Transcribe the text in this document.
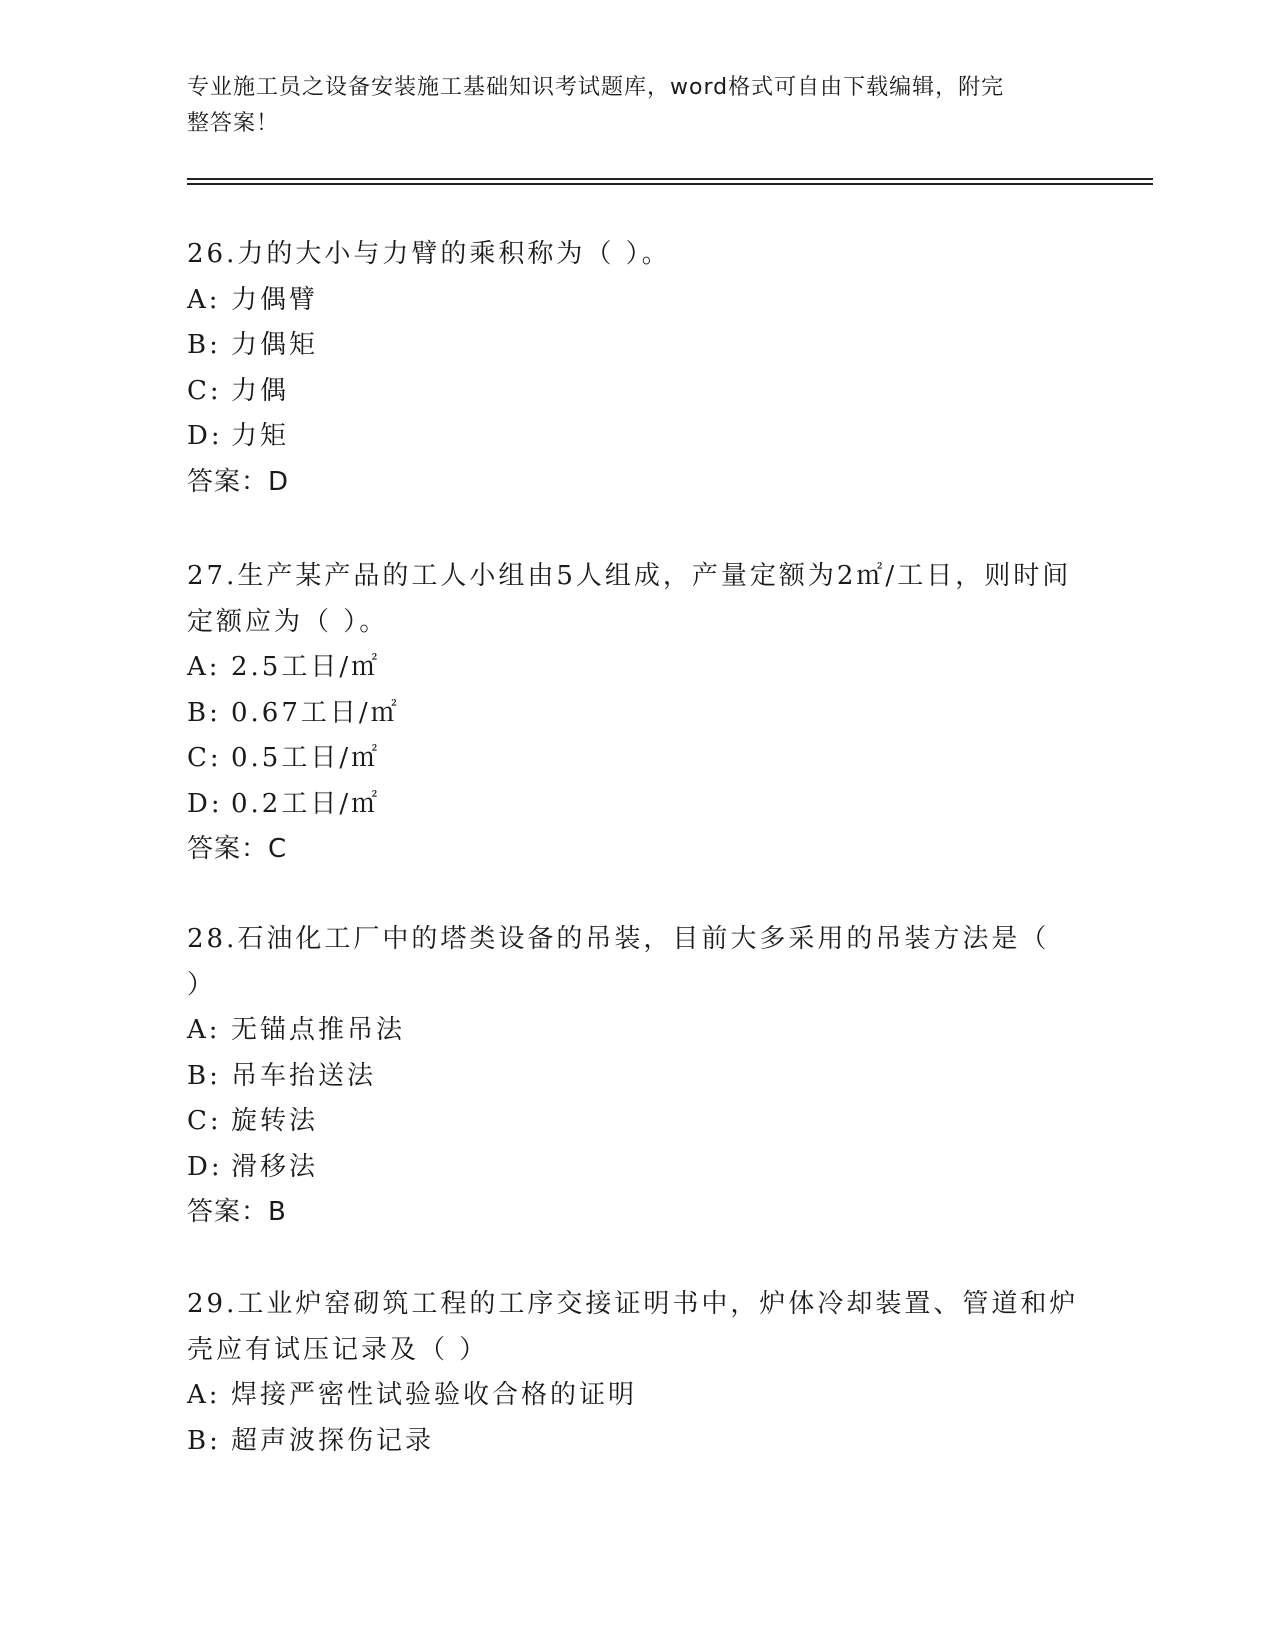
专业施工员之设备安装施工基础知识考试题库，word格式可自由下载编辑，附完
整答案！
26.力的大小与力臂的乘积称为（ ）。
A: 力偶臂
B: 力偶矩
C: 力偶
D: 力矩
答案：D
27.生产某产品的工人小组由5人组成，产量定额为2㎡/工日，则时间
定额应为（ ）。
A: 2.5工日/㎡
B: 0.67工日/㎡
C: 0.5工日/㎡
D: 0.2工日/㎡
答案：C
28.石油化工厂中的塔类设备的吊装，目前大多采用的吊装方法是（
）
A: 无锚点推吊法
B: 吊车抬送法
C: 旋转法
D: 滑移法
答案：B
29.工业炉窑砌筑工程的工序交接证明书中，炉体冷却装置、管道和炉
壳应有试压记录及（ ）
A: 焊接严密性试验验收合格的证明
B: 超声波探伤记录
